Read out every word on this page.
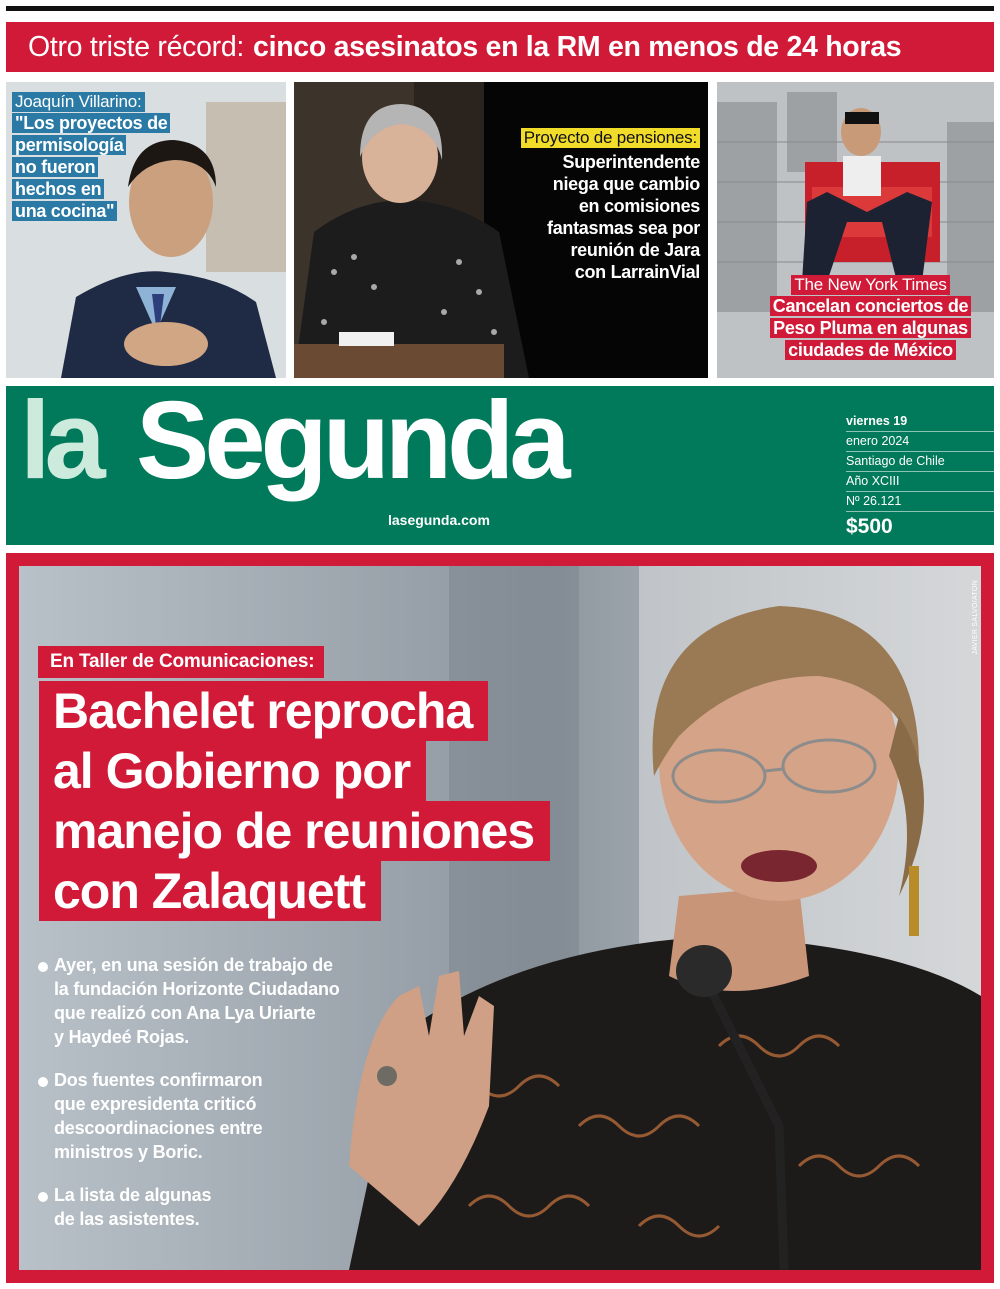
Otro triste récord: cinco asesinatos en la RM en menos de 24 horas
Joaquín Villarino:
"Los proyectos de
permisología
no fueron
hechos en
una cocina"
Proyecto de pensiones:
Superintendente
niega que cambio
en comisiones
fantasmas sea por
reunión de Jara
con LarrainVial
The New York Times
Cancelan conciertos de
Peso Pluma en algunas
ciudades de México
la Segunda
lasegunda.com
viernes 19
enero 2024
Santiago de Chile
Año XCIII
Nº 26.121
$500
JAVIER SALVO/ATON
En Taller de Comunicaciones:
Bachelet reprocha
al Gobierno por
manejo de reuniones
con Zalaquett
Ayer, en una sesión de trabajo de
la fundación Horizonte Ciudadano
que realizó con Ana Lya Uriarte
y Haydeé Rojas.
Dos fuentes confirmaron
que expresidenta criticó
descoordinaciones entre
ministros y Boric.
La lista de algunas
de las asistentes.
